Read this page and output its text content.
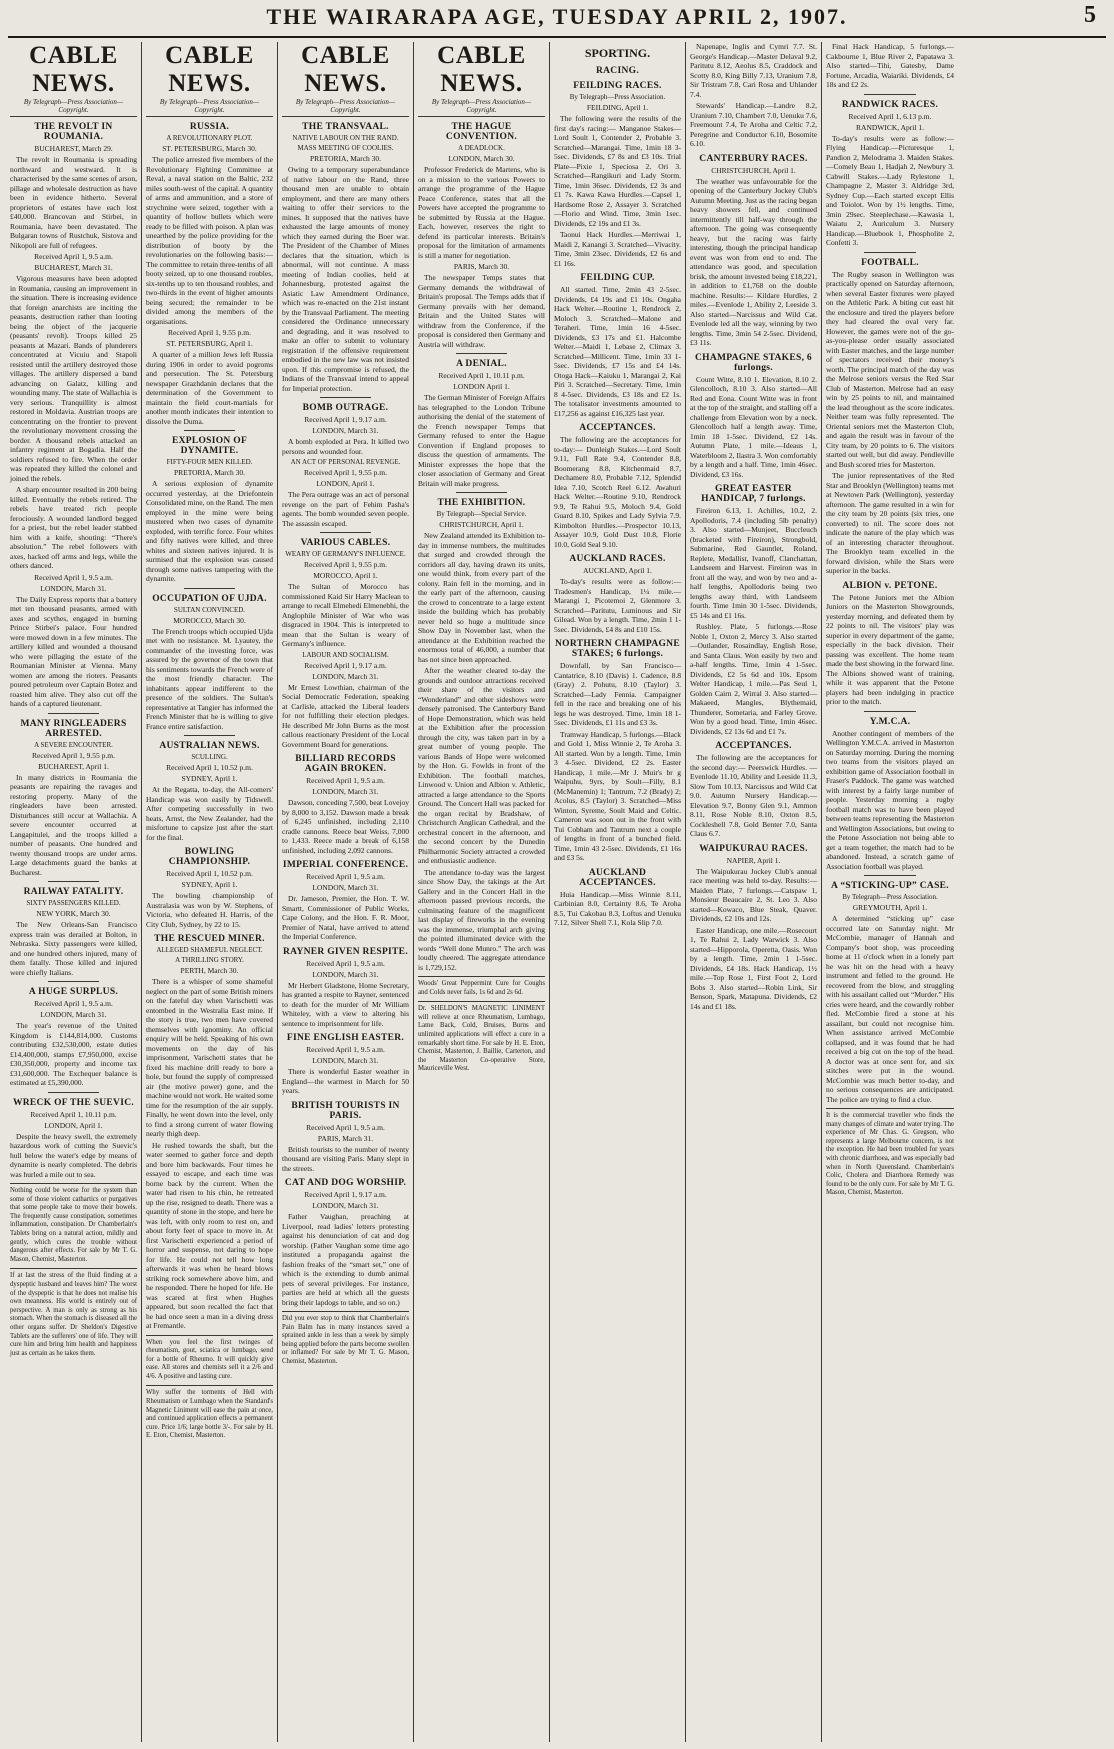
THE WAIRARAPA AGE, TUESDAY APRIL 2, 1907.	5
CABLE NEWS.
By Telegraph—Press Association—Copyright.
THE REVOLT IN ROUMANIA.
BUCHAREST, March 29.

The revolt in Roumania is spreading northward and westward. It is characterised by the same scenes of arson, pillage and wholesale destruction as have been in evidence hitherto. Several proprietors of estates have each lost £40,000. Brancovan and Stirbei, in Roumania, have been devastated. The Bulgaran towns of Rustchuk, Sistova and Nikopoli are full of refugees.

Received April 1, 9.5 a.m.
BUCHAREST, March 31.

Vigorous measures have been adopted in Roumania, causing an improvement in the situation. There is increasing evidence that foreign anarchists are inciting the peasants, destruction rather than looting being the object of the jacquerie (peasants' revolt). Troops killed 25 peasants at Mazari. Bands of plunderers concentrated at Vicuiu and Stapoli resisted until the artillery destroyed those villages. The artillery dispersed a band advancing on Galatz, killing and wounding many. The state of Wallachia is very serious. Tranquillity is almost restored in Moldavia. Austrian troops are concentrating on the frontier to prevent the revolutionary movement crossing the border. A thousand rebels attacked an infantry regiment at Bogadia. Half the soldiers refused to fire. When the order was repeated they killed the colonel and joined the rebels.

A sharp encounter resulted in 200 being killed. Eventually the rebels retired. The rebels have treated rich people ferociously. A wounded landlord begged for a priest, but the rebel leader stabbed him with a knife, shouting: “There's absolution.” The rebel followers with axes, hacked off arms and legs, while the others danced.

Received April 1, 9.5 a.m.
LONDON, March 31.

The Daily Express reports that a battery met ten thousand peasants, armed with axes and scythes, engaged in burning Prince Stirbei's palace. Four hundred were mowed down in a few minutes. The artillery killed and wounded a thousand who were pillaging the estate of the Roumanian Minister at Vienna. Many women are among the rioters. Peasants poured petroleum over Captain Botez and roasted him alive. They also cut off the hands of a captured lieutenant.

MANY RINGLEADERS ARRESTED.
A SEVERE ENCOUNTER.
Received April 1, 9.55 p.m.
BUCHAREST, April 1.

In many districts in Roumania the peasants are repairing the ravages and restoring property. Many of the ringleaders have been arrested. Disturbances still occur at Wallachia. A severe encounter occurred at Langapitulei, and the troops killed a number of peasants. One hundred and twenty thousand troops are under arms. Large detachments guard the banks at Bucharest.

RAILWAY FATALITY.
SIXTY PASSENGERS KILLED.
NEW YORK, March 30.

The New Orleans-San Francisco express train was derailed at Bolton, in Nebraska. Sixty passengers were killed, and one hundred others injured, many of them fatally. Those killed and injured were chiefly Italians.

A HUGE SURPLUS.
Received April 1, 9.5 a.m.
LONDON, March 31.

The year's revenue of the United Kingdom is £144,814,000. Customs contributing £32,530,000, estate duties £14,400,000, stamps £7,950,000, excise £30,350,000, property and income tax £31,600,000. The Exchequer balance is estimated at £5,390,000.

WRECK OF THE SUEVIC.
Received April 1, 10.11 p.m.
LONDON, April 1.

Despite the heavy swell, the extremely hazardous work of cutting the Suevic's hull below the water's edge by means of dynamite is nearly completed. The debris was hurled a mile out to sea.

Nothing could be worse for the system than some of those violent cathartics or purgatives that some people take to move their bowels. The frequently cause constipation, sometimes inflammation, constipation. Dr Chamberlain's Tablets bring on a natural action, mildly and gently, which cures the trouble without dangerous after effects. For sale by Mr T. G. Mason, Chemist, Masterton.
If at last the stress of the fluid finding at a dyspeptic husband and leaves him? The worst of the dyspeptic is that he does not realise his own meanness. His world is entirely out of perspective. A man is only as strong as his stomach. When the stomach is diseased all the other organs suffer. Dr Sheldon's Digestive Tablets are the sufferers' one of life. They will cure him and bring him health and happiness just as certain as he takes them.
CABLE NEWS.
By Telegraph—Press Association—Copyright.
RUSSIA.
A REVOLUTIONARY PLOT.
ST. PETERSBURG, March 30.

The police arrested five members of the Revolutionary Fighting Committee at Reval, a naval station on the Baltic, 232 miles south-west of the capital. A quantity of arms and ammunition, and a store of strychnine were seized, together with a quantity of hollow bullets which were ready to be filled with poison. A plan was unearthed by the police providing for the distribution of booty by the revolutionaries on the following basis:—The committee to retain three-tenths of all booty seized, up to one thousand roubles, six-tenths up to ten thousand roubles, and two-thirds in the event of higher amounts being secured; the remainder to be divided among the members of the organisations.

Received April 1, 9.55 p.m.
ST. PETERSBURG, April 1.

A quarter of a million Jews left Russia during 1906 in order to avoid pogroms and persecution. The St. Petersburg newspaper Grazhdanin declares that the determination of the Government to maintain the field court-martials for another month indicates their intention to dissolve the Duma.

EXPLOSION OF DYNAMITE.
FIFTY-FOUR MEN KILLED.
PRETORIA, March 30.

A serious explosion of dynamite occurred yesterday, at the Driefontein Consolidated mine, on the Rand. The men employed in the mine were being mustered when two cases of dynamite exploded, with terrific force. Four whites and fifty natives were killed, and three whites and sixteen natives injured. It is surmised that the explosion was caused through some natives tampering with the dynamite.

OCCUPATION OF UJDA.
SULTAN CONVINCED.
MOROCCO, March 30.

The French troops which occupied Ujda met with no resistance. M. Lyautey, the commander of the investing force, was assured by the governor of the town that his sentiments towards the French were of the most friendly character. The inhabitants appear indifferent to the presence of the soldiers. The Sultan's representative at Tangier has informed the French Minister that he is willing to give France entire satisfaction.

AUSTRALIAN NEWS.
SCULLING.
Received April 1, 10.52 p.m.
SYDNEY, April 1.

At the Regatta, to-day, the All-comers' Handicap was won easily by Tidswell. After competing successfully in two heats, Arnst, the New Zealander, had the misfortune to capsize just after the start for the final.

BOWLING CHAMPIONSHIP.
Received April 1, 10.52 p.m.
SYDNEY, April 1.

The bowling championship of Australasia was won by W. Stephens, of Victoria, who defeated H. Harris, of the City Club, Sydney, by 22 to 15.

THE RESCUED MINER.
ALLEGED SHAMEFUL NEGLECT.
A THRILLING STORY.
PERTH, March 30.

There is a whisper of some shameful neglect on the part of some British miners on the fateful day when Varischetti was entombed in the Westralia East mine. If the story is true, two men have covered themselves with ignominy. An official enquiry will be held. Speaking of his own movements on the day of his imprisonment, Varischetti states that he fixed his machine drill ready to bore a hole, but found the supply of compressed air (the motive power) gone, and the machine would not work. He waited some time for the resumption of the air supply. Finally, he went down into the level, only to find a strong current of water flowing nearly thigh deep.

He rushed towards the shaft, but the water seemed to gather force and depth and bore him backwards. Four times he essayed to escape, and each time was borne back by the current. When the water had risen to his chin, he retreated up the rise, resigned to death. There was a quantity of stone in the stope, and here he was left, with only room to rest on, and about forty feet of space to move in. At first Varischetti experienced a period of horror and suspense, not daring to hope for life. He could not tell how long afterwards it was when he heard blows striking rock somewhere above him, and he responded. There he hoped for life. He was scared at first when Hughes appeared, but soon recalled the fact that he had once seen a man in a diving dress at Fremantle.

When you feel the first twinges of rheumatism, gout, sciatica or lumbago, send for a bottle of Rheumo. It will quickly give ease. All stores and chemists sell it a 2/6 and 4/6. A positive and lasting cure.
Why suffer the torments of Hell with Rheumatism or Lumbago when the Standard's Magnetic Liniment will ease the pain at once, and continued application effects a permanent cure. Price 1/6; large bottle 3/-. For sale by H. E. Eton, Chemist, Masterton.
CABLE NEWS.
By Telegraph—Press Association—Copyright.
THE TRANSVAAL.
NATIVE LABOUR ON THE RAND.
MASS MEETING OF COOLIES.
PRETORIA, March 30.

Owing to a temporary superabundance of native labour on the Rand, three thousand men are unable to obtain employment, and there are many others waiting to offer their services to the mines. It supposed that the natives have exhausted the large amounts of money which they earned during the Boer war. The President of the Chamber of Mines declares that the situation, which is abnormal, will not continue. A mass meeting of Indian coolies, held at Johannesburg, protested against the Asiatic Law Amendment Ordinance, which was re-enacted on the 21st instant by the Transvaal Parliament. The meeting considered the Ordinance unnecessary and degrading, and it was resolved to make an offer to submit to voluntary registration if the offensive requirement embodied in the new law was not insisted upon. If this compromise is refused, the Indians of the Transvaal intend to appeal for Imperial protection.

BOMB OUTRAGE.
Received April 1, 9.17 a.m.
LONDON, March 31.

A bomb exploded at Pera. It killed two persons and wounded four.

AN ACT OF PERSONAL REVENGE.
Received April 1, 9.55 p.m.
LONDON, April 1.

The Pera outrage was an act of personal revenge on the part of Fehim Pasha's agents. The bomb wounded seven people. The assassin escaped.

VARIOUS CABLES.
WEARY OF GERMANY'S INFLUENCE.
Received April 1, 9.55 p.m.
MOROCCO, April 1.

The Sultan of Morocco has commissioned Kaid Sir Harry Maclean to arrange to recall Elmehedi Elmenebhi, the Anglophile Minister of War who was disgraced in 1904. This is interpreted to mean that the Sultan is weary of Germany's influence.

LABOUR AND SOCIALISM.
Received April 1, 9.17 a.m.
LONDON, March 31.

Mr Ernest Lowthian, chairman of the Social Democratic Federation, speaking at Carlisle, attacked the Liberal leaders for not fulfilling their election pledges. He described Mr John Burns as the most callous reactionary President of the Local Government Board for generations.

BILLIARD RECORDS AGAIN BROKEN.
Received April 1, 9.5 a.m.
LONDON, March 31.

Dawson, conceding 7,500, beat Lovejoy by 8,000 to 3,152. Dawson made a break of 6,245 unfinished, including 2,110 cradle cannons. Reece beat Weiss, 7,000 to 1,433. Reece made a break of 6,158 unfinished, including 2,092 cannons.

IMPERIAL CONFERENCE.
Received April 1, 9.5 a.m.
LONDON, March 31.

Dr. Jameson, Premier, the Hon. T. W. Smartt, Commissioner of Public Works, Cape Colony, and the Hon. F. R. Moor, Premier of Natal, have arrived to attend the Imperial Conference.

RAYNER GIVEN RESPITE.
Received April 1, 9.5 a.m.
LONDON, March 31.

Mr Herbert Gladstone, Home Secretary, has granted a respite to Rayner, sentenced to death for the murder of Mr William Whiteley, with a view to altering his sentence to imprisonment for life.

FINE ENGLISH EASTER.
Received April 1, 9.5 a.m.
LONDON, March 31.

There is wonderful Easter weather in England—the warmest in March for 50 years.

BRITISH TOURISTS IN PARIS.
Received April 1, 9.5 a.m.
PARIS, March 31.

British tourists to the number of twenty thousand are visiting Paris. Many slept in the streets.

CAT AND DOG WORSHIP.
Received April 1, 9.17 a.m.
LONDON, March 31.

Father Vaughan, preaching at Liverpool, read ladies' letters protesting against his denunciation of cat and dog worship. (Father Vaughan some time ago instituted a propaganda against the fashion freaks of the “smart set,” one of which is the extending to dumb animal pets of several privileges. For instance, parties are held at which all the guests bring their lapdogs to table, and so on.)

Did you ever stop to think that Chamberlain's Pain Balm has in many instances saved a sprained ankle in less than a week by simply being applied before the parts become swollen or inflamed? For sale by Mr T. G. Mason, Chemist, Masterton.
CABLE NEWS.
By Telegraph—Press Association—Copyright.
THE HAGUE CONVENTION.
A DEADLOCK.
LONDON, March 30.

Professor Frederick de Martens, who is on a mission to the various Powers to arrange the programme of the Hague Peace Conference, states that all the Powers have accepted the programme to be submitted by Russia at the Hague. Each, however, reserves the right to defend its particular interests. Britain's proposal for the limitation of armaments is still a matter for negotiation.

PARIS, March 30.

The newspaper Temps states that Germany demands the withdrawal of Britain's proposal. The Temps adds that if Germany prevails with her demand, Britain and the United States will withdraw from the Conference, if the proposal is considered then Germany and Austria will withdraw.

A DENIAL.
Received April 1, 10.11 p.m.
LONDON April 1.

The German Minister of Foreign Affairs has telegraphed to the London Tribune authorising the denial of the statement of the French newspaper Temps that Germany refused to enter the Hague Convention if England proposes to discuss the question of armaments. The Minister expresses the hope that the closer association of Germany and Great Britain will make progress.

THE EXHIBITION.
By Telegraph—Special Service.
CHRISTCHURCH, April 1.

New Zealand attended its Exhibition to-day in immense numbers, the multitudes that surged and crowded through the corridors all day, having drawn its units, one would think, from every part of the colony. Rain fell in the morning, and in the early part of the afternoon, causing the crowd to concentrate to a large extent inside the building which has probably never held so huge a multitude since Show Day in November last, when the attendance at the Exhibition reached the enormous total of 46,000, a number that has not since been approached.

After the weather cleared to-day the grounds and outdoor attractions received their share of the visitors and “Wonderland” and other sideshows were densely patronised. The Canterbury Band of Hope Demonstration, which was held at the Exhibition after the procession through the city, was taken part in by a great number of young people. The various Bands of Hope were welcomed by the Hon. G. Fowlds in front of the Exhibition. The football matches, Linwood v. Union and Albion v. Athletic, attracted a large attendance to the Sports Ground. The Concert Hall was packed for the organ recital by Bradshaw, of Christchurch Anglican Cathedral, and the orchestral concert in the afternoon, and the second concert by the Dunedin Philharmonic Society attracted a crowded and enthusiastic audience.

The attendance to-day was the largest since Show Day, the takings at the Art Gallery and in the Concert Hall in the afternoon passed previous records, the culminating feature of the magnificent last display of fireworks in the evening was the immense, triumphal arch giving the pointed illuminated device with the words “Well done Munro.” The arch was loudly cheered. The aggregate attendance is 1,729,152.

Woods' Great Peppermint Cure for Coughs and Colds never fails, 1s 6d and 2s 6d.
Dr. SHELDON'S MAGNETIC LINIMENT will relieve at once Rheumatism, Lumbago, Lame Back, Cold, Bruises, Burns and unlimited applications will effect a cure in a remarkably short time. For sale by H. E. Eton, Chemist, Masterton, J. Baillie, Carterton, and the Masterton Co-operative Store, Mauriceville West.
SPORTING.
RACING.
FEILDING RACES.
By Telegraph—Press Association.
FEILDING, April 1.

The following were the results of the first day's racing:— Manganoe Stakes—Lord Soult 1, Contender 2, Probable 3. Scratched—Marangai. Time, 1min 18 3-5sec. Dividends, £7 8s and £3 10s. Trial Plate—Pixie 1, Speciosa 2, Ori 3. Scratched—Rangikuri and Lady Storm. Time, 1min 36sec. Dividends, £2 3s and £1 7s. Kawa Kawa Hurdles.—Capsel 1, Hardsome Rose 2, Assayer 3. Scratched—Florio and Wind. Time, 3min 1sec. Dividends, £2 19s and £1 3s.

Taonui Hack Hurdles.—Merriwai 1, Maidi 2, Kanangi 3. Scratched—Vivacity. Time, 3min 23sec. Dividends, £2 6s and £1 16s.

FEILDING CUP.

All started. Time, 2min 43 2-5sec. Dividends, £4 19s and £1 10s. Ongaha Hack Welter.—Routine 1, Rendrock 2, Moloch 3. Scratched—Malone and Teraheri. Time, 1min 16 4-5sec. Dividends, £3 17s and £1. Halcombe Welter.—Maidi 1, Lebase 2, Climax 3. Scratched—Millicent. Time, 1min 33 1-5sec. Dividends, £7 15s and £4 14s. Otoga Hack—Kaiuku 1, Marangai 2, Kai Piri 3. Scratched—Secretary. Time, 1min 8 4-5sec. Dividends, £3 18s and £2 1s. The totalisator investments amounted to £17,256 as against £16,325 last year.

ACCEPTANCES.

The following are the acceptances for to-day:— Dunleigh Stakes.—Lord Soult 9.11, Full Rate 9.4, Contender 8.8, Boomerang 8.8, Kitchenmaid 8.7, Dechamere 8.0, Probable 7.12, Splendid Idea 7.10, Scotch Reel 6.12. Awahuri Hack Welter.—Routine 9.10, Rendrock 9.9, Te Rahui 9.5, Moloch 9.4, Gold Guard 8.10, Spikes and Lady Sylvia 7.9. Kimbolton Hurdles.—Prospector 10.13, Assayer 10.9, Gold Dust 10.8, Florie 10.0, Gold Seal 9.10.

AUCKLAND RACES.
AUCKLAND, April 1.

To-day's results were as follow:— Tradesmen's Handicap, 1¼ mile.—Marangi 1, Picotemoi 2, Glenmore 3. Scratched—Paritutu, Luminous and Sir Gilead. Won by a length. Time, 2min 1 1-5sec. Dividends, £4 8s and £10 15s.

NORTHERN CHAMPAGNE STAKES; 6 furlongs.

Downfall, by San Francisco—Cantatrice, 8.10 (Davis) 1. Cadence, 8.8 (Gray) 2. Pohutu, 8.10 (Taylor) 3. Scratched—Lady Fennia. Campaigner fell in the race and breaking one of his legs he was destroyed. Time, 1min 18 1-5sec. Dividends, £1 11s and £3 3s.

Tramway Handicap, 5 furlongs.—Black and Gold 1, Miss Winnie 2, Te Aroha 3. All started. Won by a length. Time, 1min 3 4-5sec. Dividend, £2 2s. Easter Handicap, 1 mile.—Mr J. Muir's br g Waipuhu, 9yrs, by Soult—Filly, 8.1 (McManemin) 1; Tantrum, 7.2 (Brady) 2; Acolus, 8.5 (Taylor) 3. Scratched—Miss Winton, Syreme, Soult Maid and Celtic. Cameron was soon out in the front with Tui Cobham and Tantrum next a couple of lengths in front of a bunched field. Time, 1min 43 2-5sec. Dividends, £1 16s and £3 5s.

AUCKLAND ACCEPTANCES.

Huia Handicap.—Miss Winnie 8.11, Carbinian 8.0, Certainty 8.6, Te Aroha 8.5, Tui Cakobau 8.3, Loftus and Uenuku 7.12, Silver Shell 7.1, Kola Slip 7.0.

Napenape, Inglis and Cymri 7.7. St. George's Handicap.—Master Delaval 9.2, Paritutu 8.12, Aeolus 8.5, Craddock and Scotty 8.0, King Billy 7.13, Uranium 7.8, Sir Tristram 7.8, Cari Rosa and Uhlander 7.4.

Stewards' Handicap.—Landre 8.2, Uranium 7.10, Chambert 7.0, Uenuku 7.6, Freemount 7.4, Te Aroha and Celtic 7.2, Peregrine and Conductor 6.10, Bosomite 6.10.

CANTERBURY RACES.
CHRISTCHURCH, April 1.

The weather was unfavourable for the opening of the Canterbury Jockey Club's Autumn Meeting. Just as the racing began heavy showers fell, and continued intermittently till half-way through the afternoon. The going was consequently heavy, but the racing was fairly interesting, though the principal handicap event was won from end to end. The attendance was good, and speculation brisk, the amount invested being £18,221, in addition to £1,768 on the double machine. Results:— Kildare Hurdles, 2 miles.—Evenlode 1, Ability 2, Leeside 3. Also started—Narcissus and Wild Cat. Evenlode led all the way, winning by two lengths. Time, 3min 54 2-5sec. Dividend, £3 11s.

CHAMPAGNE STAKES, 6 furlongs.

Count Witte, 8.10 1. Elevation, 8.10 2. Glencolloch, 8.10 3. Also started—All Red and Eona. Count Witte was in front at the top of the straight, and stalling off a challenge from Elevation won by a neck. Glencolloch half a length away. Time, 1min 18 1-5sec. Dividend, £2 14s. Autumn Plate, 1 mile.—Ideaus 1, Waterbloom 2, Ilastra 3. Won comfortably by a length and a half. Time, 1min 46sec. Dividend, £3 16s.

GREAT EASTER HANDICAP, 7 furlongs.

Fireiron 6.13, 1. Achilles, 10.2, 2. Apollodoris, 7.4 (including 5lb penalty) 3. Also started—Munjeet, Buccleuch (bracketed with Fireiron), Strongbold, Submarine, Red Gauntlet, Roland, Replete, Medallist, Ivanoff, Clanchattan, Landseem and Harvest. Fireiron was in front all the way, and won by two and a-half lengths, Apollodoris being two lengths away third, with Landseem fourth. Time 1min 30 1-5sec. Dividends, £5 14s and £1 16s.

Rushley. Plate, 5 furlongs.—Rose Noble 1, Oxton 2, Mercy 3. Also started—Outlander, Rosaindlay, English Rose, and Santa Claus. Won easily by two and a-half lengths. Time, 1min 4 1-5sec. Dividends, £2 5s 6d and 10s. Epsom Welter Handicap, 1 mile.—Pas Seul 1, Golden Cairn 2, Wirral 3. Also started—Makaeed, Mangles, Blythemaid, Thunderer, Sometaria, and Farley Grove. Won by a good head. Time, 1min 46sec. Dividends, £2 13s 6d and £1 7s.

ACCEPTANCES.

The following are the acceptances for the second day:— Peerswick Hurdles. — Evenlode 11.10, Ability and Leeside 11.3, Slow Tom 10.13, Narcissus and Wild Cat 9.0. Autumn Nursery Handicap.—Elevation 9.7, Bonny Glen 9.1, Ammon 8.11, Rose Noble 8.10, Oxton 8.5, Cockleshell 7.8, Gold Benter 7.0, Santa Claus 6.7.

WAIPUKURAU RACES.
NAPIER, April 1.

The Waipukurau Jockey Club's annual race meeting was held to-day. Results:— Maiden Plate, 7 furlongs.—Catspaw 1, Monsieur Beaucaire 2, St. Leo 3. Also started—Kowaco, Blue Steak, Quaver. Dividends, £2 10s and 12s.

Easter Handicap, one mile.—Rosecourt 1, Te Rahui 2, Lady Warwick 3. Also started—Hipporola, Operetta, Oasis. Won by a length. Time, 2min 1 1-5sec. Dividends, £4 18s. Hack Handicap, 1½ mile.—Top Rose 1, First Foot 2, Lord Bobs 3. Also started—Robin Link, Sir Benson, Spark, Matapuna. Dividends, £2 14s and £1 18s.

Final Hack Handicap, 5 furlongs.—Cakbourne 1, Blue River 2, Papatawa 3. Also started—Tihi, Gatesby, Dame Fortune, Arcadia, Waiariki. Dividends, £4 18s and £2 2s.

RANDWICK RACES.
Received April 1, 6.13 p.m.
RANDWICK, April 1.

To-day's results were as follow:— Flying Handicap.—Picturesque 1, Pandion 2, Melodrama 3. Maiden Stakes.—Comely Beau 1, Hadjah 2, Newbury 3. Cabwill Stakes.—Lady Rylestone 1, Champagne 2, Master 3. Aldridge 3rd, Sydney Cup.—Each started except Ellis and Toiolot. Won by 1½ lengths. Time, 3min 29sec. Steeplechase.—Kawasia 1, Waiatu 2, Auriculum 3. Nursery Handicap.—Bluebook 1, Phospholite 2, Confetti 3.

FOOTBALL.

The Rugby season in Wellington was practically opened on Saturday afternoon, when several Easter fixtures were played on the Athletic Park. A biting cut east hit the enclosure and tired the players before they had cleared the oval very far. However, the games were not of the go-as-you-please order usually associated with Easter matches, and the large number of spectators received their money's worth. The principal match of the day was the Melrose seniors versus the Red Star Club of Masterton. Melrose had an easy win by 25 points to nil, and maintained the lead throughout as the score indicates. Neither team was fully represented. The Oriental seniors met the Masterton Club, and again the result was in favour of the City team, by 20 points to 6. The visitors started out well, but did away. Pendleville and Bush scored tries for Masterton.

The junior representatives of the Red Star and Brooklyn (Wellington) teams met at Newtown Park (Wellington), yesterday afternoon. The game resulted in a win for the city team by 20 points (six tries, one converted) to nil. The score does not indicate the nature of the play which was of an interesting character throughout. The Brooklyn team excelled in the forward division, while the Stars were superior in the backs.

ALBION v. PETONE.

The Petone Juniors met the Albion Juniors on the Masterton Showgrounds, yesterday morning, and defeated them by 22 points to nil. The visitors' play was superior in every department of the game, especially in the back division. Their passing was excellent. The home team made the best showing in the forward line. The Albions showed want of training, while it was apparent that the Petone players had been indulging in practice prior to the match.

Y.M.C.A.

Another contingent of members of the Wellington Y.M.C.A. arrived in Masterton on Saturday morning. During the morning two teams from the visitors played an exhibition game of Association football in Fraser's Paddock. The game was watched with interest by a fairly large number of people. Yesterday morning a rugby football match was to have been played between teams representing the Masterton and Wellington Associations, but owing to the Petone Association not being able to get a team together, the match had to be abandoned. Instead, a scratch game of Association football was played.

A “STICKING-UP” CASE.
By Telegraph—Press Association.
GREYMOUTH, April 1.

A determined “sticking up” case occurred late on Saturday night. Mr McCombie, manager of Hannah and Company's boot shop, was proceeding home at 11 o'clock when in a lonely part he was hit on the head with a heavy instrument and felled to the ground. He recovered from the blow, and struggling with his assailant called out “Murder.” His cries were heard, and the cowardly robber fled. McCombie fired a stone at his assailant, but could not recognise him. When assistance arrived McCombie collapsed, and it was found that he had received a big cut on the top of the head. A doctor was at once sent for, and six stitches were put in the wound. McCombie was much better to-day, and no serious consequences are anticipated. The police are trying to find a clue.

It is the commercial traveller who finds the many changes of climate and water trying. The experience of Mr Chas. G. Gregson, who represents a large Melbourne concern, is not the exception. He had been troubled for years with chronic diarrhoea, and was especially bad when in North Queensland. Chamberlain's Colic, Cholera and Diarrhoea Remedy was found to be the only cure. For sale by Mr T. G. Mason, Chemist, Masterton.
